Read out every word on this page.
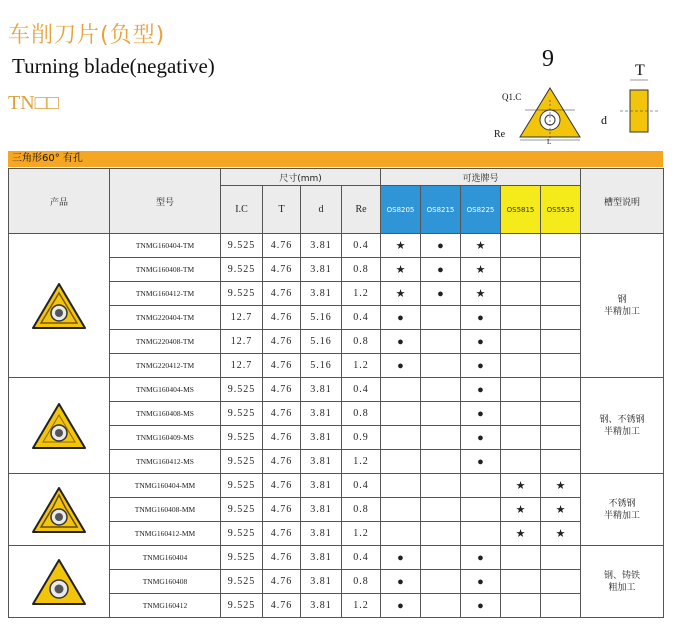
车削刀片(负型)
Turning blade(negative)
TN□□
9
Q1.C
Re
L
T
d
三角形60° 有孔
产品	型号	尺寸(mm)				可选牌号					槽型说明
		I.C	T	d	Re	OS8205	OS8215	OS8225	OS5815	OS5535	

	TNMG160404-TM	9.525	4.76	3.81	0.4	★	●	★			钢
半精加工

	TNMG160408-TM	9.525	4.76	3.81	0.8	★	●	★			
	TNMG160412-TM	9.525	4.76	3.81	1.2	★	●	★			
	TNMG220404-TM	12.7	4.76	5.16	0.4	●		●			
	TNMG220408-TM	12.7	4.76	5.16	0.8	●		●			
	TNMG220412-TM	12.7	4.76	5.16	1.2	●		●			

	TNMG160404-MS	9.525	4.76	3.81	0.4			●			钢、不锈钢
半精加工

	TNMG160408-MS	9.525	4.76	3.81	0.8			●			
	TNMG160409-MS	9.525	4.76	3.81	0.9			●			
	TNMG160412-MS	9.525	4.76	3.81	1.2			●			

	TNMG160404-MM	9.525	4.76	3.81	0.4				★	★	不锈钢
半精加工

	TNMG160408-MM	9.525	4.76	3.81	0.8				★	★	
	TNMG160412-MM	9.525	4.76	3.81	1.2				★	★	

	TNMG160404	9.525	4.76	3.81	0.4	●		●			钢、铸铁
粗加工

	TNMG160408	9.525	4.76	3.81	0.8	●		●			
	TNMG160412	9.525	4.76	3.81	1.2	●		●			
